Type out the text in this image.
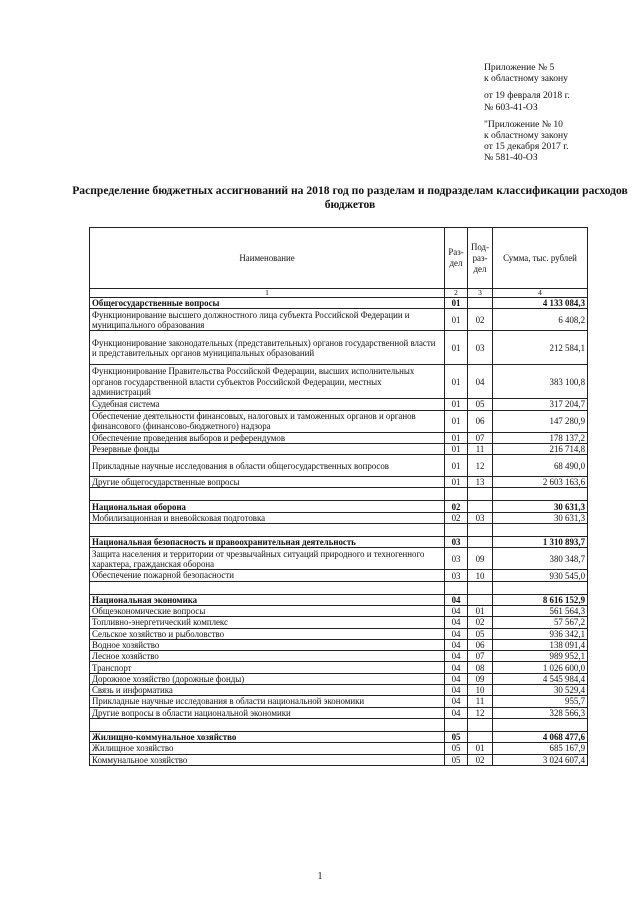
Приложение № 5
к областному закону
от 19 февраля 2018 г.
№ 603-41-ОЗ
"Приложение № 10
к областному закону
от 15 декабря 2017 г.
№ 581-40-ОЗ
Распределение бюджетных ассигнований на 2018 год по разделам и подразделам классификации расходов бюджетов
Наименование	Раз-дел	Под-раз-дел	Сумма, тыс. рублей
1	2	3	4
Общегосударственные вопросы	01		4 133 084,3
Функционирование высшего должностного лица субъекта Российской Федерации и муниципального образования	01	02	6 408,2
Функционирование законодательных (представительных) органов государственной власти и представительных органов муниципальных образований	01	03	212 584,1
Функционирование Правительства Российской Федерации, высших исполнительных органов государственной власти субъектов Российской Федерации, местных администраций	01	04	383 100,8
Судебная система	01	05	317 204,7
Обеспечение деятельности финансовых, налоговых и таможенных органов и органов финансового (финансово-бюджетного) надзора	01	06	147 280,9
Обеспечение проведения выборов и референдумов	01	07	178 137,2
Резервные фонды	01	11	216 714,8
Прикладные научные исследования в области общегосударственных вопросов	01	12	68 490,0
Другие общегосударственные вопросы	01	13	2 603 163,6

Национальная оборона	02		30 631,3
Мобилизационная и вневойсковая подготовка	02	03	30 631,3

Национальная безопасность и правоохранительная деятельность	03		1 310 893,7
Защита населения и территории от чрезвычайных ситуаций природного и техногенного характера, гражданская оборона	03	09	380 348,7
Обеспечение пожарной безопасности	03	10	930 545,0

Национальная экономика	04		8 616 152,9
Общеэкономические вопросы	04	01	561 564,3
Топливно-энергетический комплекс	04	02	57 567,2
Сельское хозяйство и рыболовство	04	05	936 342,1
Водное хозяйство	04	06	138 091,4
Лесное хозяйство	04	07	989 952,1
Транспорт	04	08	1 026 600,0
Дорожное хозяйство (дорожные фонды)	04	09	4 545 984,4
Связь и информатика	04	10	30 529,4
Прикладные научные исследования в области национальной экономики	04	11	955,7
Другие вопросы в области национальной экономики	04	12	328 566,3

Жилищно-коммунальное хозяйство	05		4 068 477,6
Жилищное хозяйство	05	01	685 167,9
Коммунальное хозяйство	05	02	3 024 607,4
1
